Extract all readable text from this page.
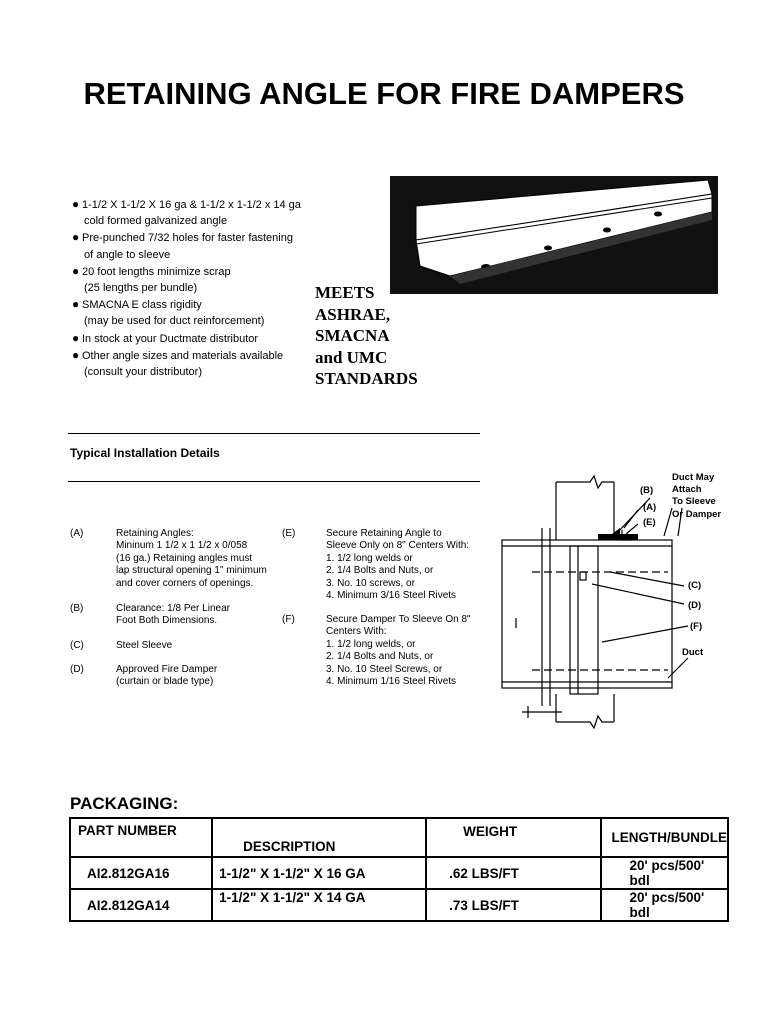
RETAINING ANGLE FOR FIRE DAMPERS
● 1-1/2 X 1-1/2 X 16 ga & 1-1/2 x 1-1/2 x 14 ga
cold formed galvanized angle
● Pre-punched 7/32 holes for faster fastening
of angle to sleeve
● 20 foot lengths minimize scrap
(25 lengths per bundle)
● SMACNA E class rigidity
(may be used for duct reinforcement)
● In stock at your Ductmate distributor
● Other angle sizes and materials available
(consult your distributor)
MEETS
ASHRAE,
SMACNA
and UMC
STANDARDS
Typical Installation Details
(A)	Retaining Angles:
Mininum 1 1/2 x 1 1/2 x 0/058
(16 ga.) Retaining angles must
lap structural opening 1" minimum
and cover corners of openings.
(B)	Clearance: 1/8 Per Linear
Foot Both Dimensions.
(C)	Steel Sleeve
(D)	Approved Fire Damper
(curtain or blade type)
(E)	Secure Retaining Angle to
Sleeve Only on 8" Centers With:
1. 1/2 long welds or
2. 1/4 Bolts and Nuts, or
3. No. 10 screws, or
4. Minimum 3/16 Steel Rivets
(F)	Secure Damper To Sleeve On 8"
Centers With:
1. 1/2 long welds, or
2. 1/4 Bolts and Nuts, or
3. No. 10 Steel Screws, or
4. Minimum 1/16 Steel Rivets
Duct May
Attach
To Sleeve
Or Damper
(B)
(A)
(E)
(C)
(D)
(F)
Duct
PACKAGING:
PART NUMBER	DESCRIPTION	WEIGHT	LENGTH/BUNDLE
AI2.812GA16	1-1/2" X 1-1/2" X 16 GA	.62 LBS/FT	20' pcs/500' bdl
AI2.812GA14	1-1/2" X 1-1/2" X 14 GA	.73 LBS/FT	20' pcs/500' bdl
